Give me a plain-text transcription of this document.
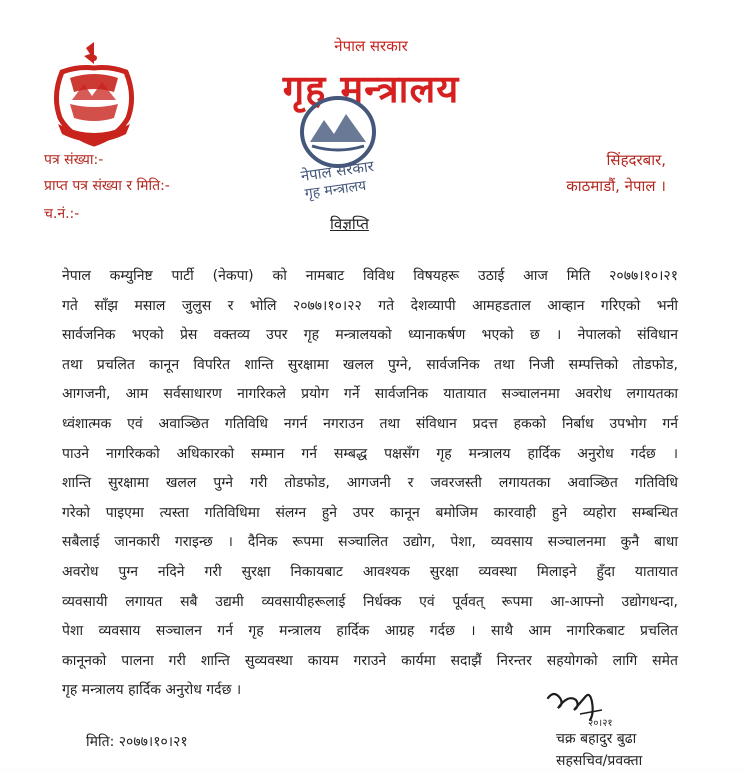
नेपाल सरकार
गृह मन्त्रालय
नेपाल सरकार
गृह मन्त्रालय
पत्र संख्या:-
प्राप्त पत्र संख्या र मिति:-
च.नं.:-
सिंहदरबार,
काठमाडौं, नेपाल ।
विज्ञप्ति

नेपाल कम्युनिष्ट पार्टी (नेकपा) को नामबाट विविध विषयहरू उठाई आज मिति २०७७।१०।२१

गते साँझ मसाल जुलुस र भोलि २०७७।१०।२२ गते देशव्यापी आमहडताल आव्हान गरिएको भनी

सार्वजनिक भएको प्रेस वक्तव्य उपर गृह मन्त्रालयको ध्यानाकर्षण भएको छ । नेपालको संविधान

तथा प्रचलित कानून विपरित शान्ति सुरक्षामा खलल पुग्ने, सार्वजनिक तथा निजी सम्पत्तिको तोडफोड,

आगजनी, आम सर्वसाधारण नागरिकले प्रयोग गर्ने सार्वजनिक यातायात सञ्चालनमा अवरोध लगायतका

ध्वंशात्मक एवं अवाञ्छित गतिविधि नगर्न नगराउन तथा संविधान प्रदत्त हकको निर्बाध उपभोग गर्न

पाउने नागरिकको अधिकारको सम्मान गर्न सम्बद्ध पक्षसँग गृह मन्त्रालय हार्दिक अनुरोध गर्दछ ।

शान्ति सुरक्षामा खलल पुग्ने गरी तोडफोड, आगजनी र जवरजस्ती लगायतका अवाञ्छित गतिविधि

गरेको पाइएमा त्यस्ता गतिविधिमा संलग्न हुने उपर कानून बमोजिम कारवाही हुने व्यहोरा सम्बन्धित

सबैलाई जानकारी गराइन्छ । दैनिक रूपमा सञ्चालित उद्योग, पेशा, व्यवसाय सञ्चालनमा कुनै बाधा

अवरोध पुग्न नदिने गरी सुरक्षा निकायबाट आवश्यक सुरक्षा व्यवस्था मिलाइने हुँदा यातायात

व्यवसायी लगायत सबै उद्यमी व्यवसायीहरूलाई निर्धक्क एवं पूर्ववत् रूपमा आ-आफ्नो उद्योगधन्दा,

पेशा व्यवसाय सञ्चालन गर्न गृह मन्त्रालय हार्दिक आग्रह गर्दछ । साथै आम नागरिकबाट प्रचलित

कानूनको पालना गरी शान्ति सुव्यवस्था कायम गराउने कार्यमा सदाझैं निरन्तर सहयोगको लागि समेत

गृह मन्त्रालय हार्दिक अनुरोध गर्दछ ।

२०।२१
मिति: २०७७।१०।२१	चक्र बहादुर बुढा
सहसचिव/प्रवक्ता
